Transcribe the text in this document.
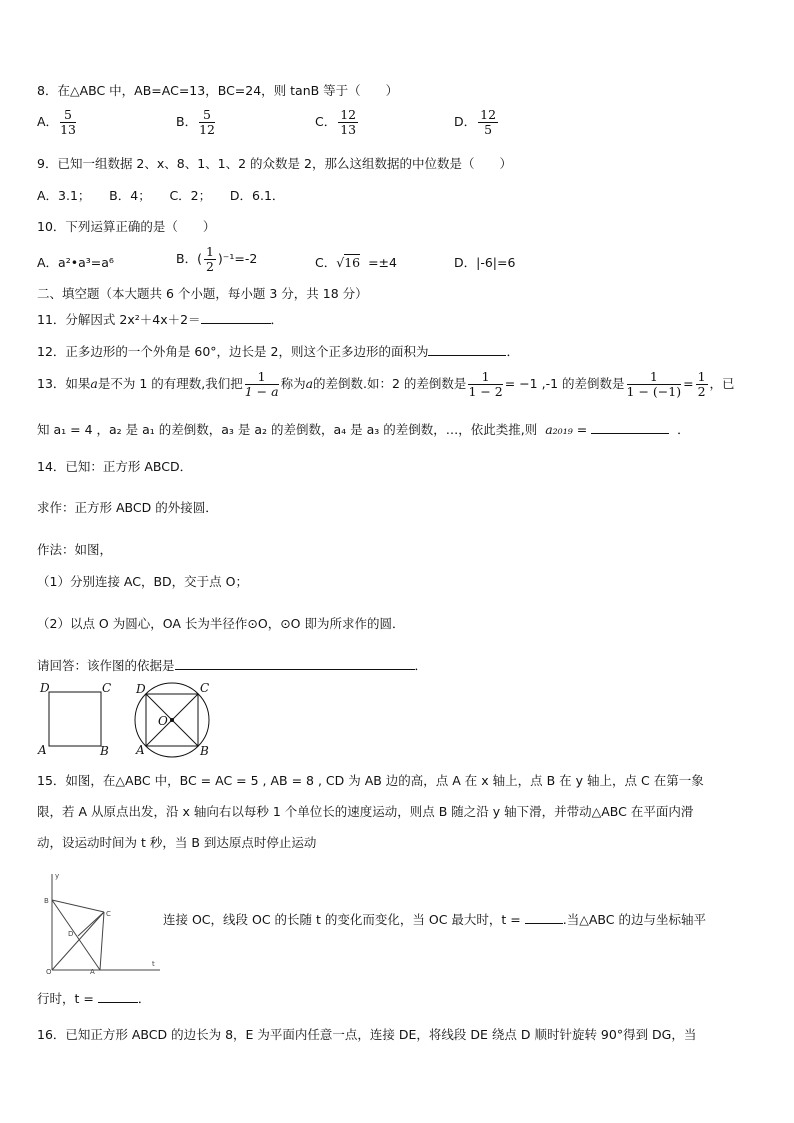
8．在△ABC 中，AB=AC=13，BC=24，则 tanB 等于（　　）
A． $\frac{5}{13}$	B． $\frac{5}{12}$	C． $\frac{12}{13}$	D． $\frac{12}{5}$
9．已知一组数据 2、x、8、1、1、2 的众数是 2，那么这组数据的中位数是（　　）
A．3.1；　　B．4；　　C．2；　　D．6.1．
10．下列运算正确的是（　　）
A．a²•a³=a⁶	B．( $\frac{1}{2} )^{-1}=-2$	C．√16 =±4	D．|-6|=6
二、填空题（本大题共 6 个小题，每小题 3 分，共 18 分）
11．分解因式 2x²＋4x＋2＝	．
12．正多边形的一个外角是 60°，边长是 2，则这个正多边形的面积为	．
13．如果a是不为 1 的有理数,我们把 $\frac{1}{1 - a}$ 称为a的差倒数.如：2 的差倒数是 $\frac{1}{1 - 2} = -1$ ,-1 的差倒数是 $\frac{1}{1 - (-1)} = \frac{1}{2}$ ，已
知 a₁ = 4 ，a₂ 是 a₁ 的差倒数，a₃ 是 a₂ 的差倒数，a₄ 是 a₃ 的差倒数，…，依此类推,则 a₂₀₁₉ =	．
14．已知：正方形 ABCD．
求作：正方形 ABCD 的外接圆．
作法：如图，
（1）分别连接 AC，BD，交于点 O；
（2）以点 O 为圆心，OA 长为半径作⊙O，⊙O 即为所求作的圆．
请回答：该作图的依据是	．
D	C
A	B
D	C
A	B
O
15．如图，在△ABC 中，BC = AC = 5 , AB = 8 , CD 为 AB 边的高，点 A 在 x 轴上，点 B 在 y 轴上，点 C 在第一象
限，若 A 从原点出发，沿 x 轴向右以每秒 1 个单位长的速度运动，则点 B 随之沿 y 轴下滑，并带动△ABC 在平面内滑
动，设运动时间为 t 秒，当 B 到达原点时停止运动
y
t
B
C
D
O	A
连接 OC，线段 OC 的长随 t 的变化而变化，当 OC 最大时，t =	.当△ABC 的边与坐标轴平
行时，t =	．
16．已知正方形 ABCD 的边长为 8，E 为平面内任意一点，连接 DE，将线段 DE 绕点 D 顺时针旋转 90°得到 DG，当
